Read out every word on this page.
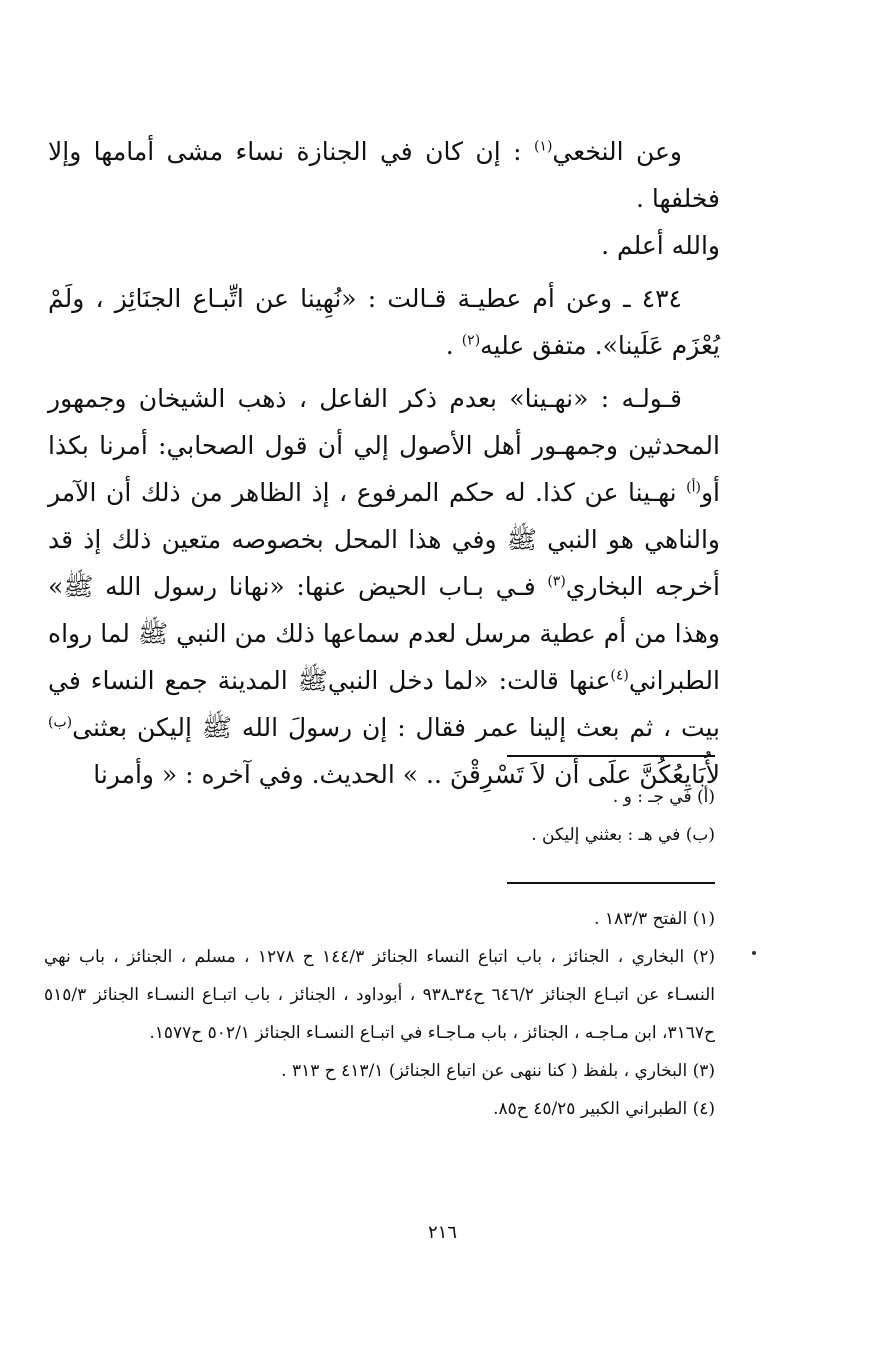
وعن النخعي$^{(١)}$ : إن كان في الجنازة نساء مشى أمامها وإلا فخلفها .
والله أعلم .

٤٣٤ ـ وعن أم عطيـة قـالت : «نُهِينا عن اتِّبـاع الجنَائِز ، ولَمْ يُعْزَم عَلَينا». متفق عليه$^{(٢)}$ .

قـولـه : «نهـينا» بعدم ذكر الفاعل ، ذهب الشيخان وجمهور المحدثين وجمهـور أهل الأصول إلي أن قول الصحابي: أمرنا بكذا أو$^{(أ)}$ نهـينا عن كذا. له حكم المرفوع ، إذ الظاهر من ذلك أن الآمر والناهي هو النبي ﷺ وفي هذا المحل بخصوصه متعين ذلك إذ قد أخرجه البخاري$^{(٣)}$ فـي بـاب الحيض عنها: «نهانا رسول الله ﷺ» وهذا من أم عطية مرسل لعدم سماعها ذلك من النبي ﷺ لما رواه الطبراني$^{(٤)}$عنها قالت: «لما دخل النبيﷺ المدينة جمع النساء في بيت ، ثم بعث إلينا عمر فقال : إن رسولَ الله ﷺ إليكن بعثنى$^{(ب)}$ لأُبَايِعُكُنَّ علَى أن لاَ تَسْرِقْنَ .. » الحديث. وفي آخره : « وأمرنا

(أ) في جـ : و .
(ب) في هـ : بعثني إليكن .
(١) الفتح ١٨٣/٣ .
(٢) البخاري ، الجنائز ، باب اتباع النساء الجنائز ١٤٤/٣ ح ١٢٧٨ ، مسلم ، الجنائز ، باب نهي النسـاء عن اتبـاع الجنائز ٦٤٦/٢ ح٣٤ـ٩٣٨ ، أبوداود ، الجنائز ، باب اتبـاع النسـاء الجنائز ٥١٥/٣ ح٣١٦٧، ابن مـاجـه ، الجنائز ، باب مـاجـاء في اتبـاع النسـاء الجنائز ٥٠٢/١ ح١٥٧٧.
(٣) البخاري ، بلفظ ( كنا ننهى عن اتباع الجنائز) ٤١٣/١ ح ٣١٣ .
(٤) الطبراني الكبير ٤٥/٢٥ ح٨٥.
٢١٦
